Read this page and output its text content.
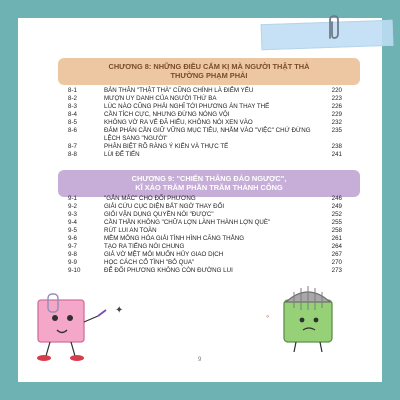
CHƯƠNG 8: NHỮNG ĐIỀU CẤM KỊ MÀ NGƯỜI THẬT THÀ
THƯỜNG PHẠM PHẢI
8-1	BẢN THÂN "THẬT THÀ" CŨNG CHÍNH LÀ ĐIỂM YẾU	220
8-2	MƯỢN UY DANH CỦA NGƯỜI THỨ BA	223
8-3	LÚC NÀO CŨNG PHẢI NGHĨ TỚI PHƯƠNG ÁN THAY THẾ	226
8-4	CẦN TÍCH CỰC, NHƯNG ĐỪNG NÓNG VỘI	229
8-5	KHÔNG VỜ RA VẺ ĐÃ HIỂU, KHÔNG NÓI XEN VÀO	232
8-6	ĐẢM PHÁN CẦN GIỮ VỮNG MỤC TIÊU, NHẰM VÀO "VIỆC" CHỨ ĐỪNG LỆCH SANG "NGƯỜI"
235
8-7	PHÂN BIỆT RÕ RÀNG Ý KIẾN VÀ THỰC TẾ	238
8-8	LÙI ĐỂ TIẾN	241
CHƯƠNG 9: "CHIẾN THẮNG ĐẢO NGƯỢC",
KĨ XẢO TRĂM PHẦN TRĂM THÀNH CÔNG
9-1	"GẮN MÁC" CHO ĐỐI PHƯƠNG	246
9-2	GIẢI CỨU CỤC DIỆN BẤT NGỜ THAY ĐỔI	249
9-3	GIỎI VẬN DỤNG QUYỀN NÓI "ĐƯỢC"	252
9-4	CẦN THẦN KHÔNG "CHỮA LỢN LÀNH THÀNH LỢN QUÈ"	255
9-5	RÚT LUI AN TOÀN	258
9-6	MỀM MỎNG HÓA GIẢI TÌNH HÌNH CĂNG THẲNG	261
9-7	TẠO RA TIẾNG NÓI CHUNG	264
9-8	GIẢ VỜ MỆT MỎI MUỐN HỦY GIAO DỊCH	267
9-9	HỌC CÁCH CỔ TÌNH "BỎ QUA"	270
9-10	ĐỂ ĐỐI PHƯƠNG KHÔNG CÒN ĐƯỜNG LUI	273
9
✦	◦
